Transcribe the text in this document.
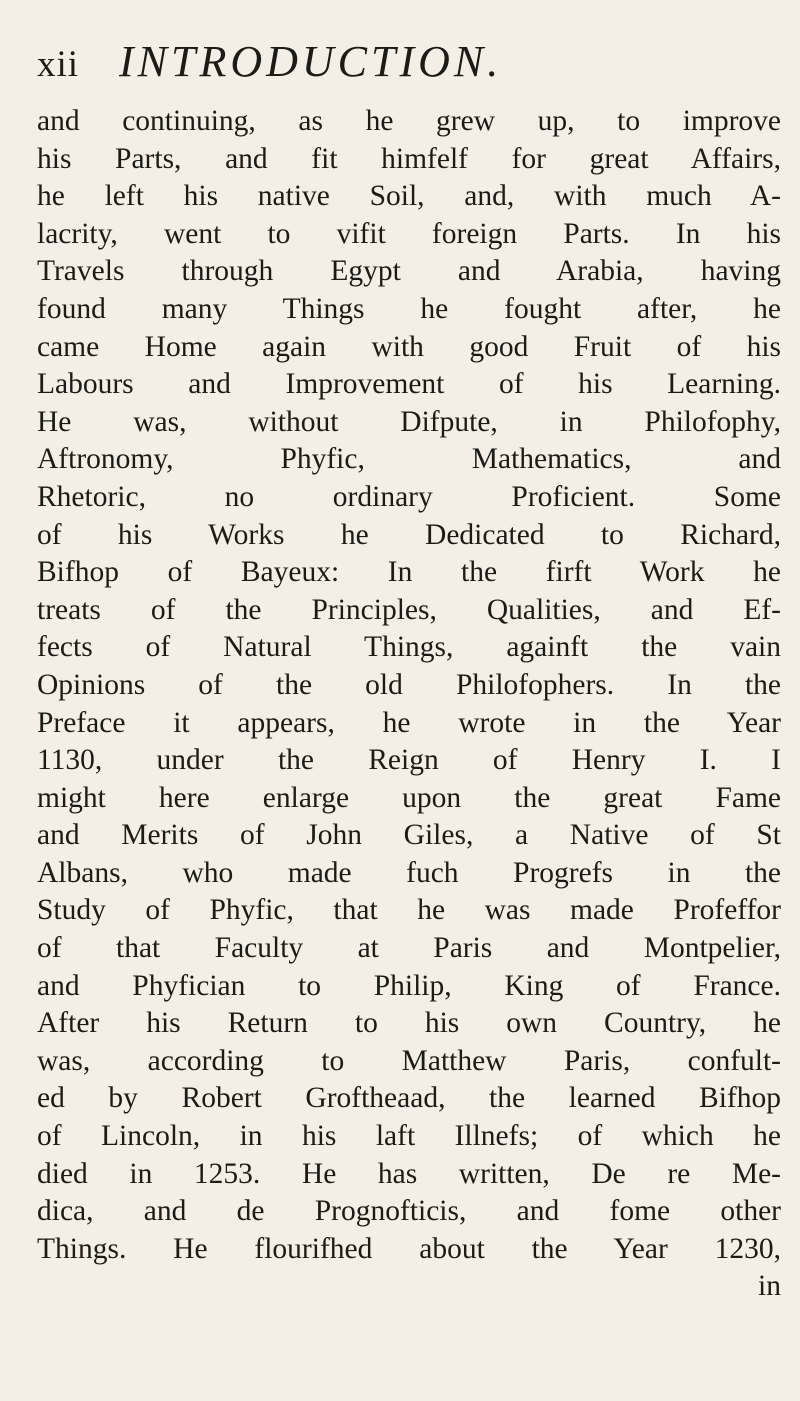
xii INTRODUCTION.
and continuing, as he grew up, to improve
his Parts, and fit himfelf for great Affairs,
he left his native Soil, and, with much A-
lacrity, went to vifit foreign Parts. In his
Travels through Egypt and Arabia, having
found many Things he fought after, he
came Home again with good Fruit of his
Labours and Improvement of his Learning.
He was, without Difpute, in Philofophy,
Aftronomy, Phyfic, Mathematics, and
Rhetoric, no ordinary Proficient. Some
of his Works he Dedicated to Richard,
Bifhop of Bayeux: In the firft Work he
treats of the Principles, Qualities, and Ef-
fects of Natural Things, againft the vain
Opinions of the old Philofophers. In the
Preface it appears, he wrote in the Year
1130, under the Reign of Henry I. I
might here enlarge upon the great Fame
and Merits of John Giles, a Native of St
Albans, who made fuch Progrefs in the
Study of Phyfic, that he was made Profeffor
of that Faculty at Paris and Montpelier,
and Phyfician to Philip, King of France.
After his Return to his own Country, he
was, according to Matthew Paris, confult-
ed by Robert Groftheaad, the learned Bifhop
of Lincoln, in his laft Illnefs; of which he
died in 1253. He has written, De re Me-
dica, and de Prognofticis, and fome other
Things. He flourifhed about the Year 1230,
in
